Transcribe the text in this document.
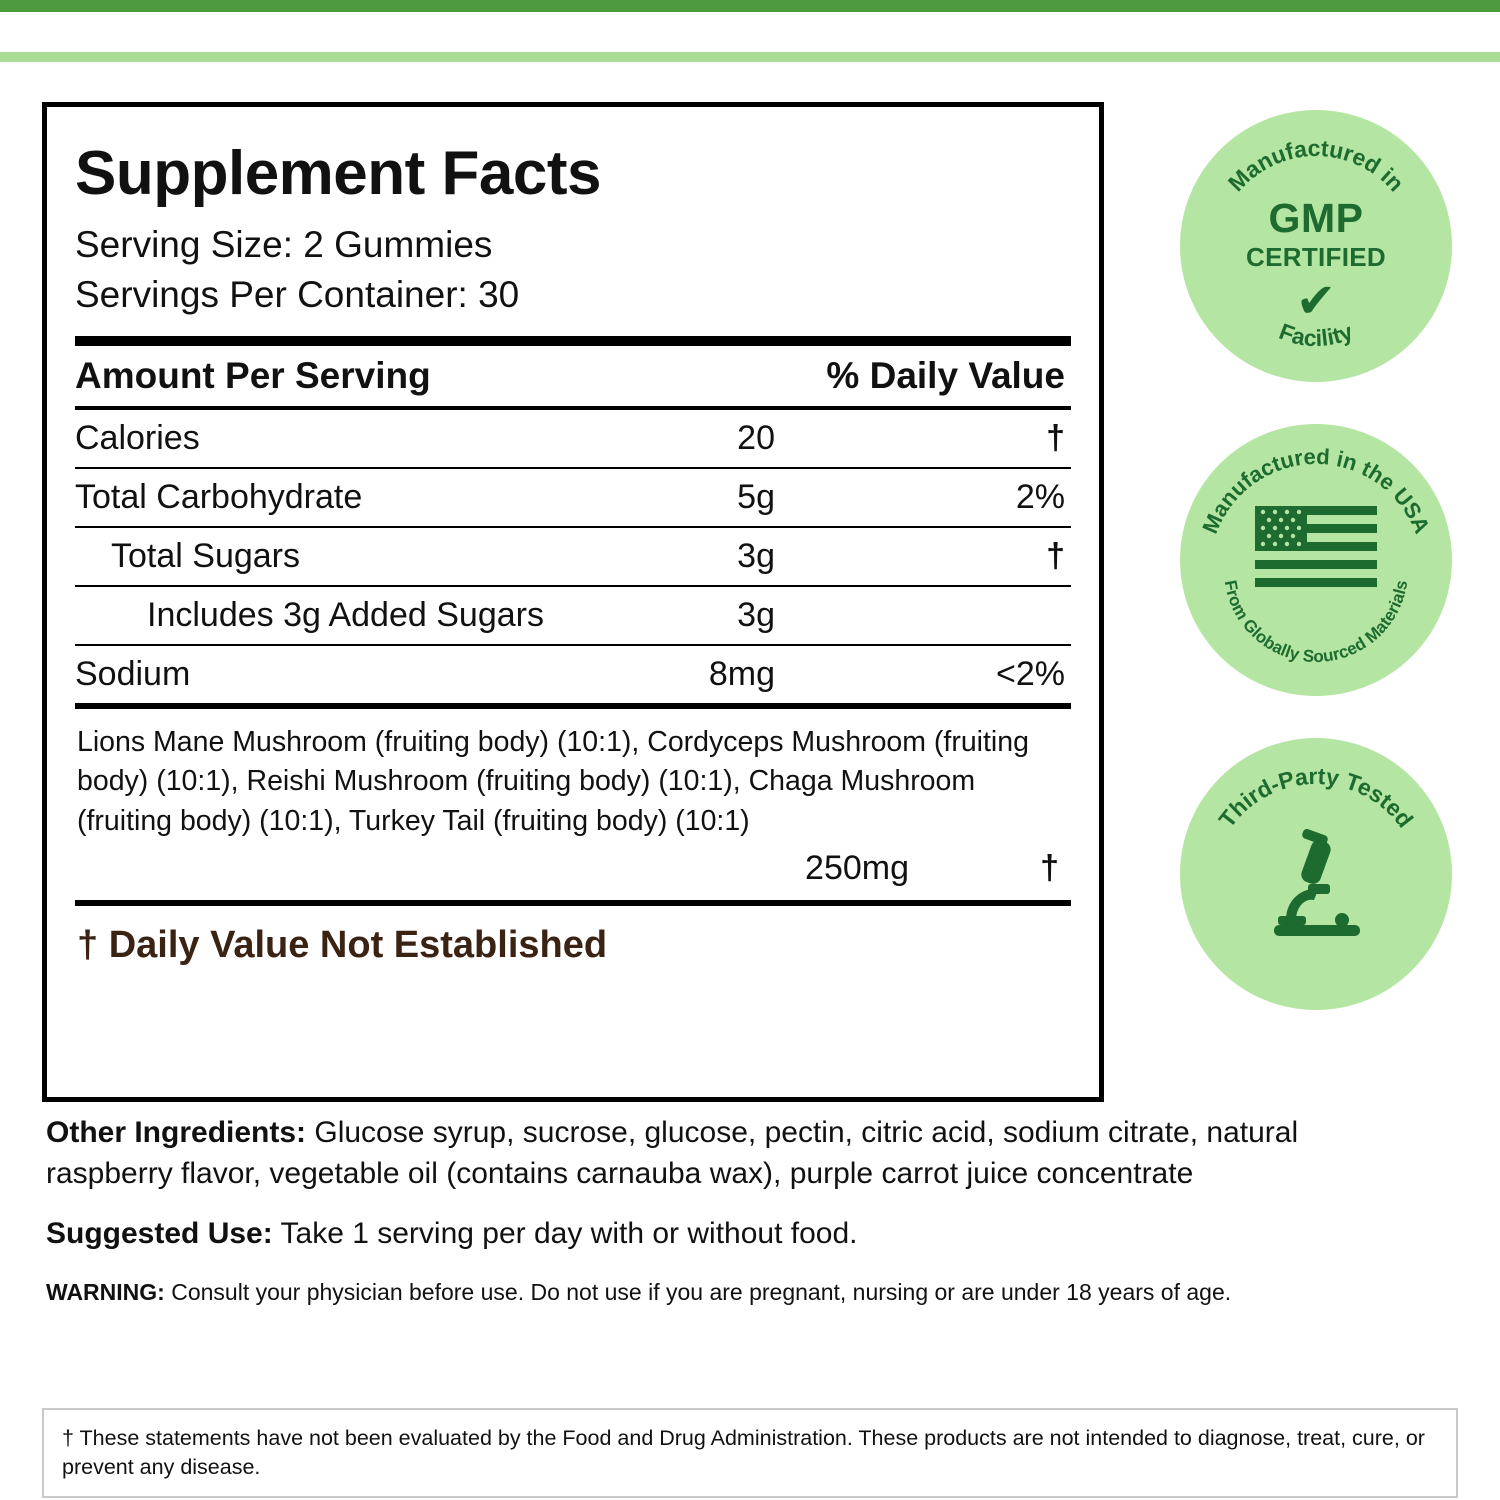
Supplement Facts
Serving Size: 2 Gummies
Servings Per Container: 30
Amount Per Serving		% Daily Value
Calories	20	†
Total Carbohydrate	5g	2%
Total Sugars	3g	†
Includes 3g Added Sugars	3g	
Sodium	8mg	<2%
Lions Mane Mushroom (fruiting body) (10:1), Cordyceps Mushroom (fruiting body) (10:1), Reishi Mushroom (fruiting body) (10:1), Chaga Mushroom (fruiting body) (10:1), Turkey Tail (fruiting body) (10:1)
250mg	†
† Daily Value Not Established
Other Ingredients: Glucose syrup, sucrose, glucose, pectin, citric acid, sodium citrate, natural raspberry flavor, vegetable oil (contains carnauba wax), purple carrot juice concentrate
Suggested Use: Take 1 serving per day with or without food.
WARNING: Consult your physician before use. Do not use if you are pregnant, nursing or are under 18 years of age.
† These statements have not been evaluated by the Food and Drug Administration. These products are not intended to diagnose, treat, cure, or prevent any disease.
Manufactured in
Facility
GMP
CERTIFIED
✔
Manufactured in the USA
From Globally Sourced Materials
Third-Party Tested
